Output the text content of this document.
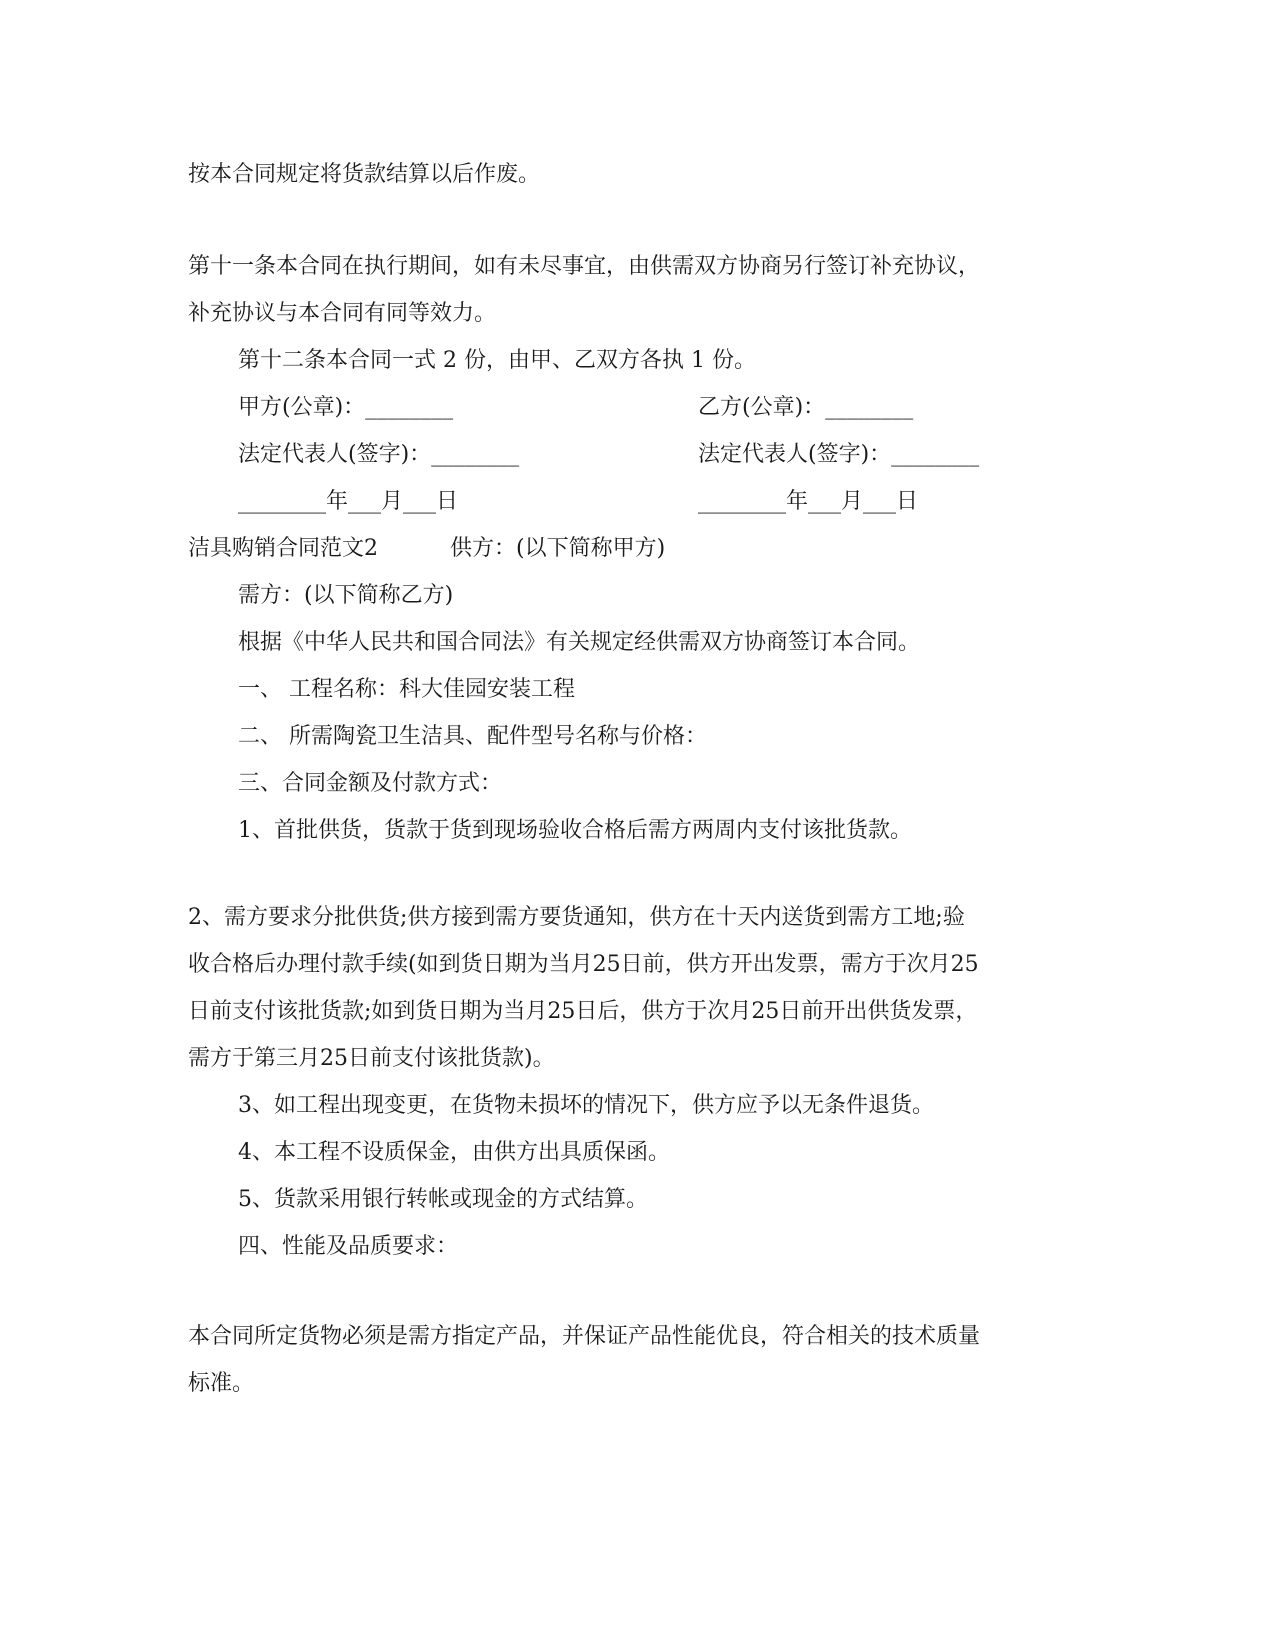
按本合同规定将货款结算以后作废。
第十一条本合同在执行期间，如有未尽事宜，由供需双方协商另行签订补充协议，
补充协议与本合同有同等效力。
第十二条本合同一式 2 份，由甲、乙双方各执 1 份。
甲方(公章)：________	乙方(公章)：________
法定代表人(签字)：________	法定代表人(签字)：________
________年___月___日	________年___月___日
洁具购销合同范文2	供方：(以下简称甲方)
需方：(以下简称乙方)
根据《中华人民共和国合同法》有关规定经供需双方协商签订本合同。
一、 工程名称：科大佳园安装工程
二、 所需陶瓷卫生洁具、配件型号名称与价格：
三、合同金额及付款方式：
1、首批供货，货款于货到现场验收合格后需方两周内支付该批货款。
2、需方要求分批供货;供方接到需方要货通知，供方在十天内送货到需方工地;验
收合格后办理付款手续(如到货日期为当月25日前，供方开出发票，需方于次月25
日前支付该批货款;如到货日期为当月25日后，供方于次月25日前开出供货发票，
需方于第三月25日前支付该批货款)。
3、如工程出现变更，在货物未损坏的情况下，供方应予以无条件退货。
4、本工程不设质保金，由供方出具质保函。
5、货款采用银行转帐或现金的方式结算。
四、性能及品质要求：
本合同所定货物必须是需方指定产品，并保证产品性能优良，符合相关的技术质量
标准。
